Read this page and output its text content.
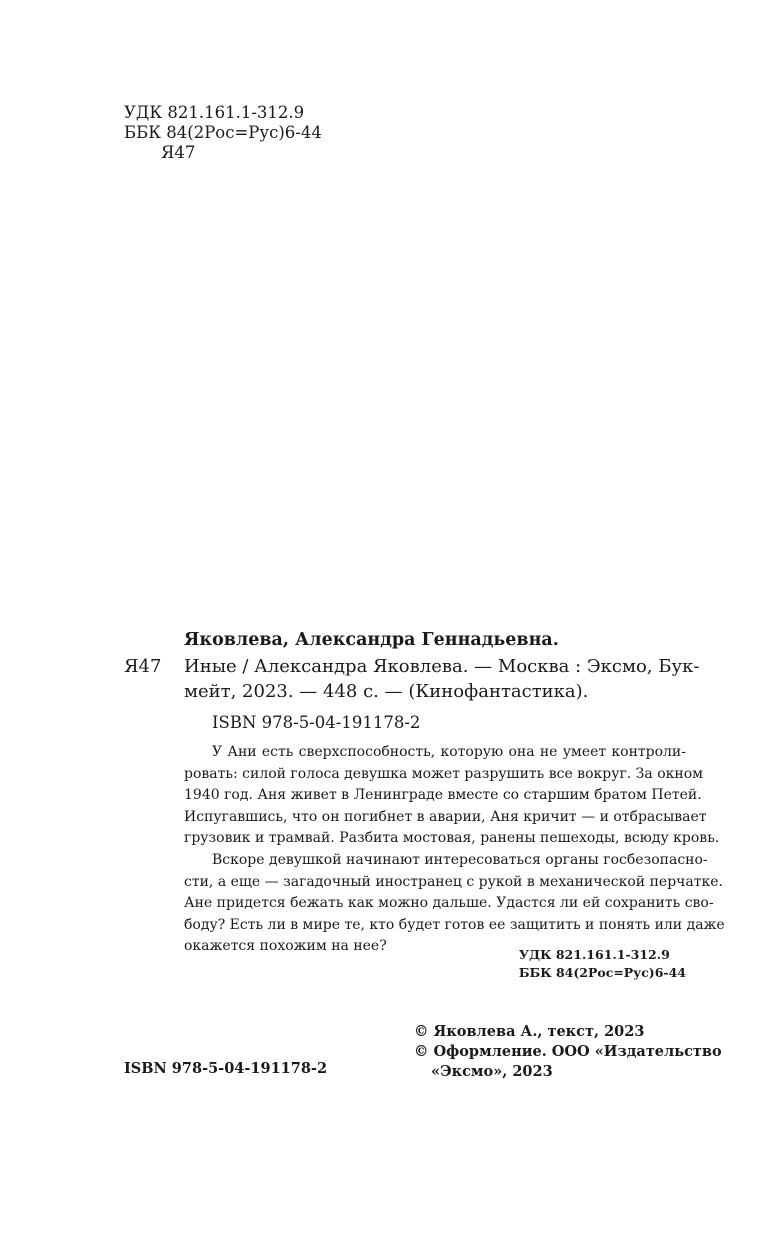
УДК 821.161.1-312.9
ББК 84(2Рос=Рус)6-44
Я47
Яковлева, Александра Геннадьевна.
Я47 Иные / Александра Яковлева. — Москва : Эксмо, Бук-
мейт, 2023. — 448 с. — (Кинофантастика).
ISBN 978-5-04-191178-2
У Ани есть сверхспособность, которую она не умеет контроли-
ровать: силой голоса девушка может разрушить все вокруг. За окном
1940 год. Аня живет в Ленинграде вместе со старшим братом Петей.
Испугавшись, что он погибнет в аварии, Аня кричит — и отбрасывает
грузовик и трамвай. Разбита мостовая, ранены пешеходы, всюду кровь.
Вскоре девушкой начинают интересоваться органы госбезопасно-
сти, а еще — загадочный иностранец с рукой в механической перчатке.
Ане придется бежать как можно дальше. Удастся ли ей сохранить сво-
боду? Есть ли в мире те, кто будет готов ее защитить и понять или даже
окажется похожим на нее?
УДК 821.161.1-312.9
ББК 84(2Рос=Рус)6-44
© Яковлева А., текст, 2023
© Оформление. ООО «Издательство
«Эксмо», 2023
ISBN 978-5-04-191178-2
